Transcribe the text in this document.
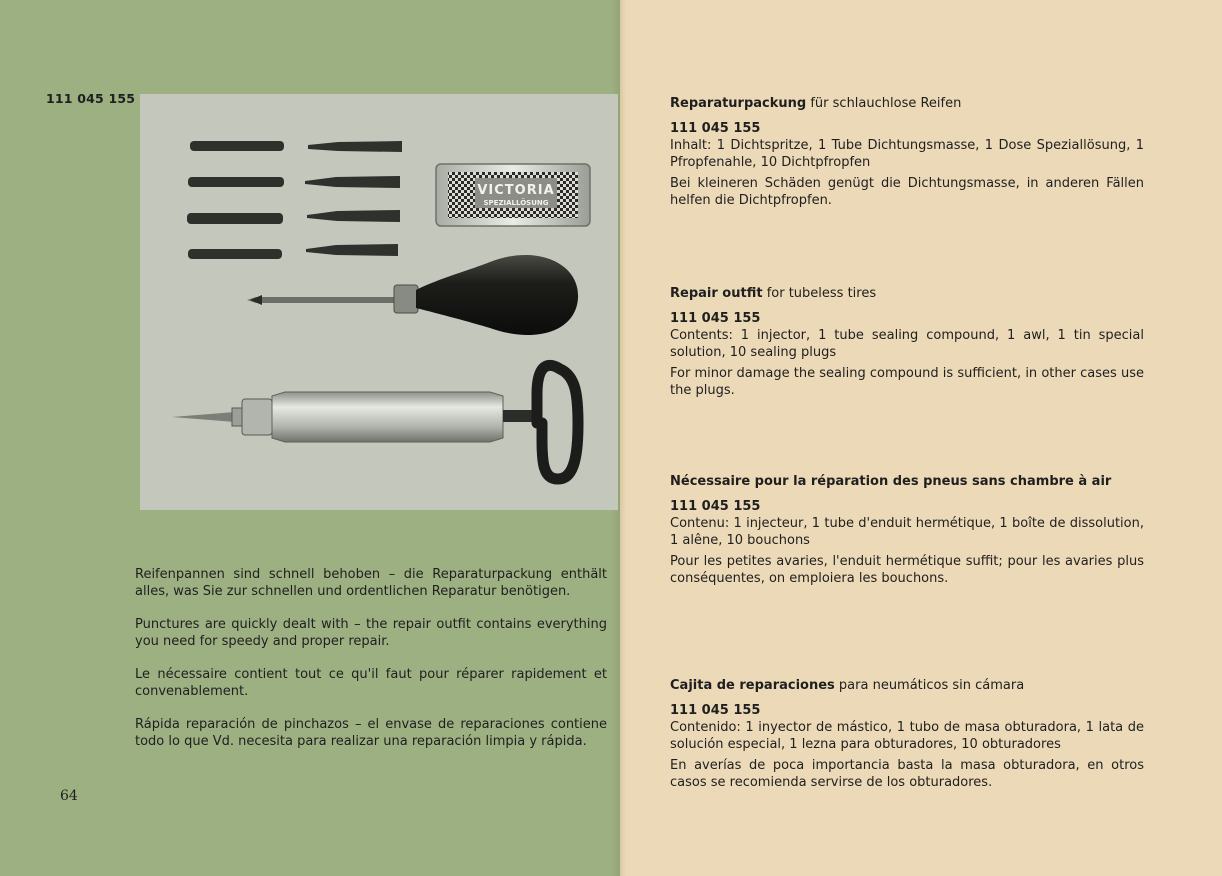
111 045 155
VICTORIA
SPEZIALLÖSUNG

Reifenpannen sind schnell behoben – die Reparaturpackung enthält alles, was Sie zur schnellen und ordentlichen Reparatur benötigen.

Punctures are quickly dealt with – the repair outfit contains everything you need for speedy and proper repair.

Le nécessaire contient tout ce qu'il faut pour réparer rapidement et convenablement.

Rápida reparación de pinchazos – el envase de reparaciones contiene todo lo que Vd. necesita para realizar una reparación limpia y rápida.

64
Reparaturpackung für schlauchlose Reifen

111 045 155

Inhalt: 1 Dichtspritze, 1 Tube Dichtungsmasse, 1 Dose Speziallösung, 1 Pfropfenahle, 10 Dichtpfropfen

Bei kleineren Schäden genügt die Dichtungsmasse, in anderen Fällen helfen die Dichtpfropfen.

Repair outfit for tubeless tires

111 045 155

Contents: 1 injector, 1 tube sealing compound, 1 awl, 1 tin special solution, 10 sealing plugs

For minor damage the sealing compound is sufficient, in other cases use the plugs.

Nécessaire pour la réparation des pneus sans chambre à air

111 045 155

Contenu: 1 injecteur, 1 tube d'enduit hermétique, 1 boîte de dissolution, 1 alêne, 10 bouchons

Pour les petites avaries, l'enduit hermétique suffit; pour les avaries plus conséquentes, on emploiera les bouchons.

Cajita de reparaciones para neumáticos sin cámara

111 045 155

Contenido: 1 inyector de mástico, 1 tubo de masa obturadora, 1 lata de solución especial, 1 lezna para obturadores, 10 obturadores

En averías de poca importancia basta la masa obturadora, en otros casos se recomienda servirse de los obturadores.
